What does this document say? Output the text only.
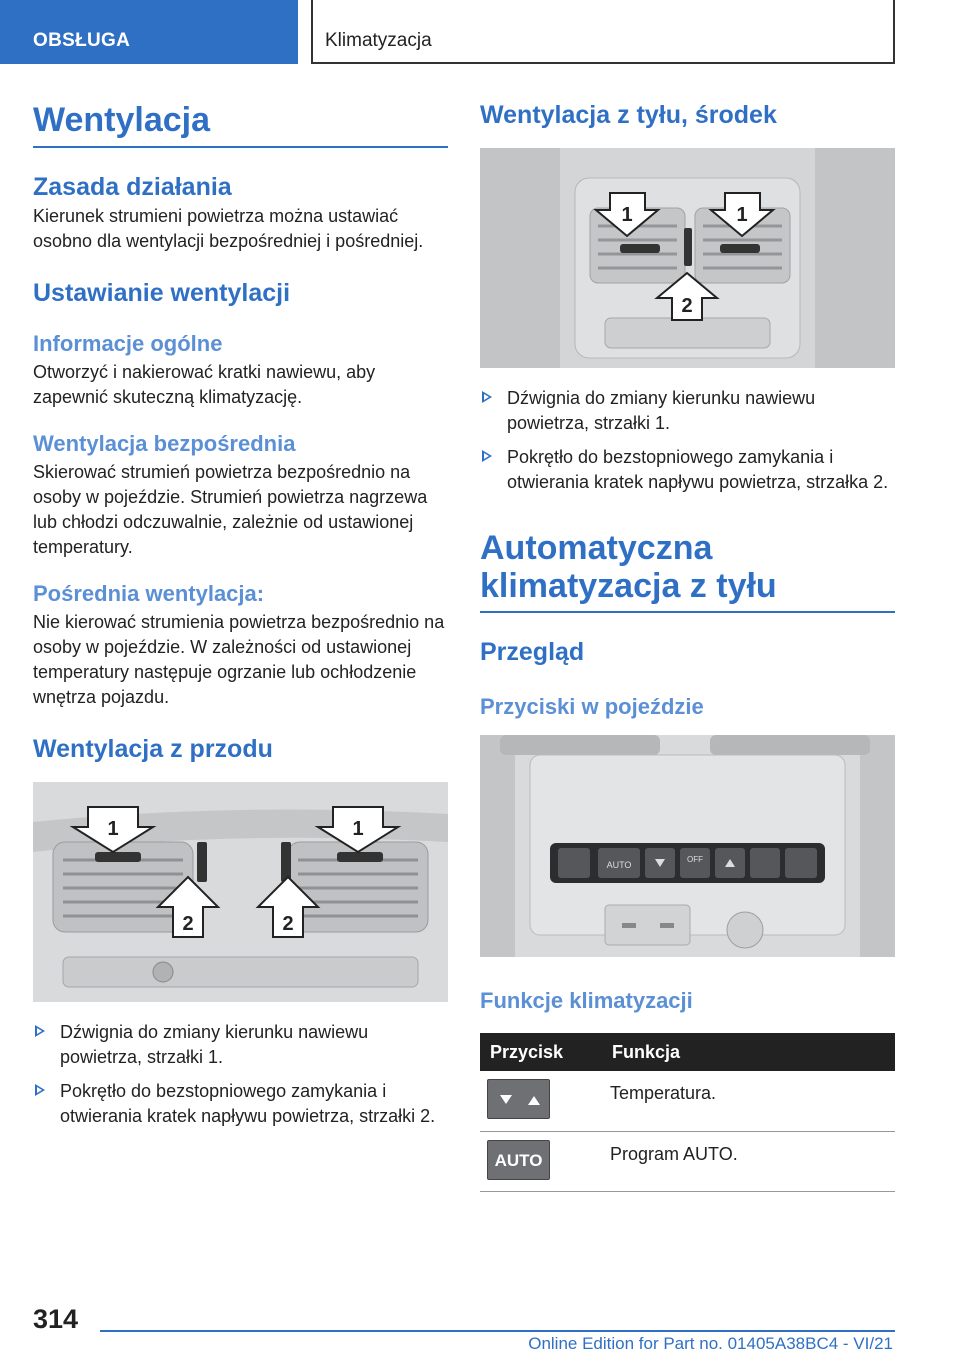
OBSŁUGA	Klimatyzacja
Wentylacja
Zasada działania
Kierunek strumieni powietrza można ustawiać osobno dla wentylacji bezpośredniej i pośredniej.
Ustawianie wentylacji
Informacje ogólne
Otworzyć i nakierować kratki nawiewu, aby zapewnić skuteczną klimatyzację.
Wentylacja bezpośrednia
Skierować strumień powietrza bezpośrednio na osoby w pojeździe. Strumień powietrza nagrzewa lub chłodzi odczuwalnie, zależnie od ustawionej temperatury.
Pośrednia wentylacja:
Nie kierować strumienia powietrza bezpośrednio na osoby w pojeździe. W zależności od ustawionej temperatury następuje ogrzanie lub ochłodzenie wnętrza pojazdu.
Wentylacja z przodu
1	1
2	2
Dźwignia do zmiany kierunku nawiewu powietrza, strzałki 1.
Pokrętło do bezstopniowego zamykania i otwierania kratek napływu powietrza, strzałki 2.
Wentylacja z tyłu, środek
1	1
2
Dźwignia do zmiany kierunku nawiewu powietrza, strzałki 1.
Pokrętło do bezstopniowego zamykania i otwierania kratek napływu powietrza, strzałka 2.
Automatyczna klimatyzacja z tyłu
Przegląd
Przyciski w pojeździe
AUTO
OFF
Funkcje klimatyzacji
Przycisk	Funkcja

	Temperatura.

AUTO	Program AUTO.
314
Online Edition for Part no. 01405A38BC4 - VI/21
